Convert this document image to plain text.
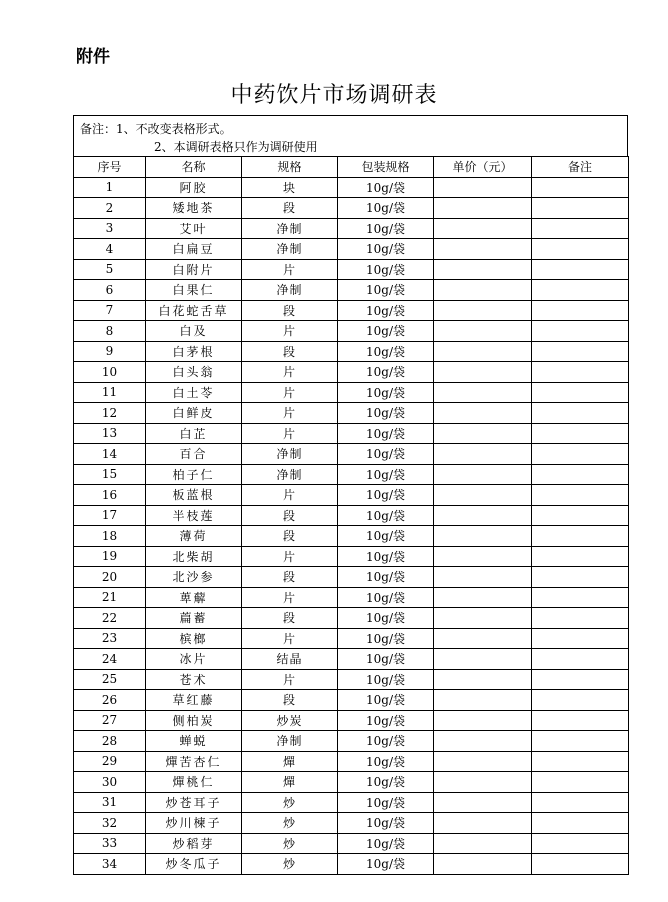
附件
中药饮片市场调研表
备注：1、不改变表格形式。
2、本调研表格只作为调研使用
序号	名称	规格	包装规格	单价（元）	备注
1	阿胶	块	10g/袋		
2	矮地茶	段	10g/袋		
3	艾叶	净制	10g/袋		
4	白扁豆	净制	10g/袋		
5	白附片	片	10g/袋		
6	白果仁	净制	10g/袋		
7	白花蛇舌草	段	10g/袋		
8	白及	片	10g/袋		
9	白茅根	段	10g/袋		
10	白头翁	片	10g/袋		
11	白土苓	片	10g/袋		
12	白鲜皮	片	10g/袋		
13	白芷	片	10g/袋		
14	百合	净制	10g/袋		
15	柏子仁	净制	10g/袋		
16	板蓝根	片	10g/袋		
17	半枝莲	段	10g/袋		
18	薄荷	段	10g/袋		
19	北柴胡	片	10g/袋		
20	北沙参	段	10g/袋		
21	萆薢	片	10g/袋		
22	萹蓄	段	10g/袋		
23	槟榔	片	10g/袋		
24	冰片	结晶	10g/袋		
25	苍术	片	10g/袋		
26	草红藤	段	10g/袋		
27	侧柏炭	炒炭	10g/袋		
28	蝉蜕	净制	10g/袋		
29	燀苦杏仁	燀	10g/袋		
30	燀桃仁	燀	10g/袋		
31	炒苍耳子	炒	10g/袋		
32	炒川楝子	炒	10g/袋		
33	炒稻芽	炒	10g/袋		
34	炒冬瓜子	炒	10g/袋		
